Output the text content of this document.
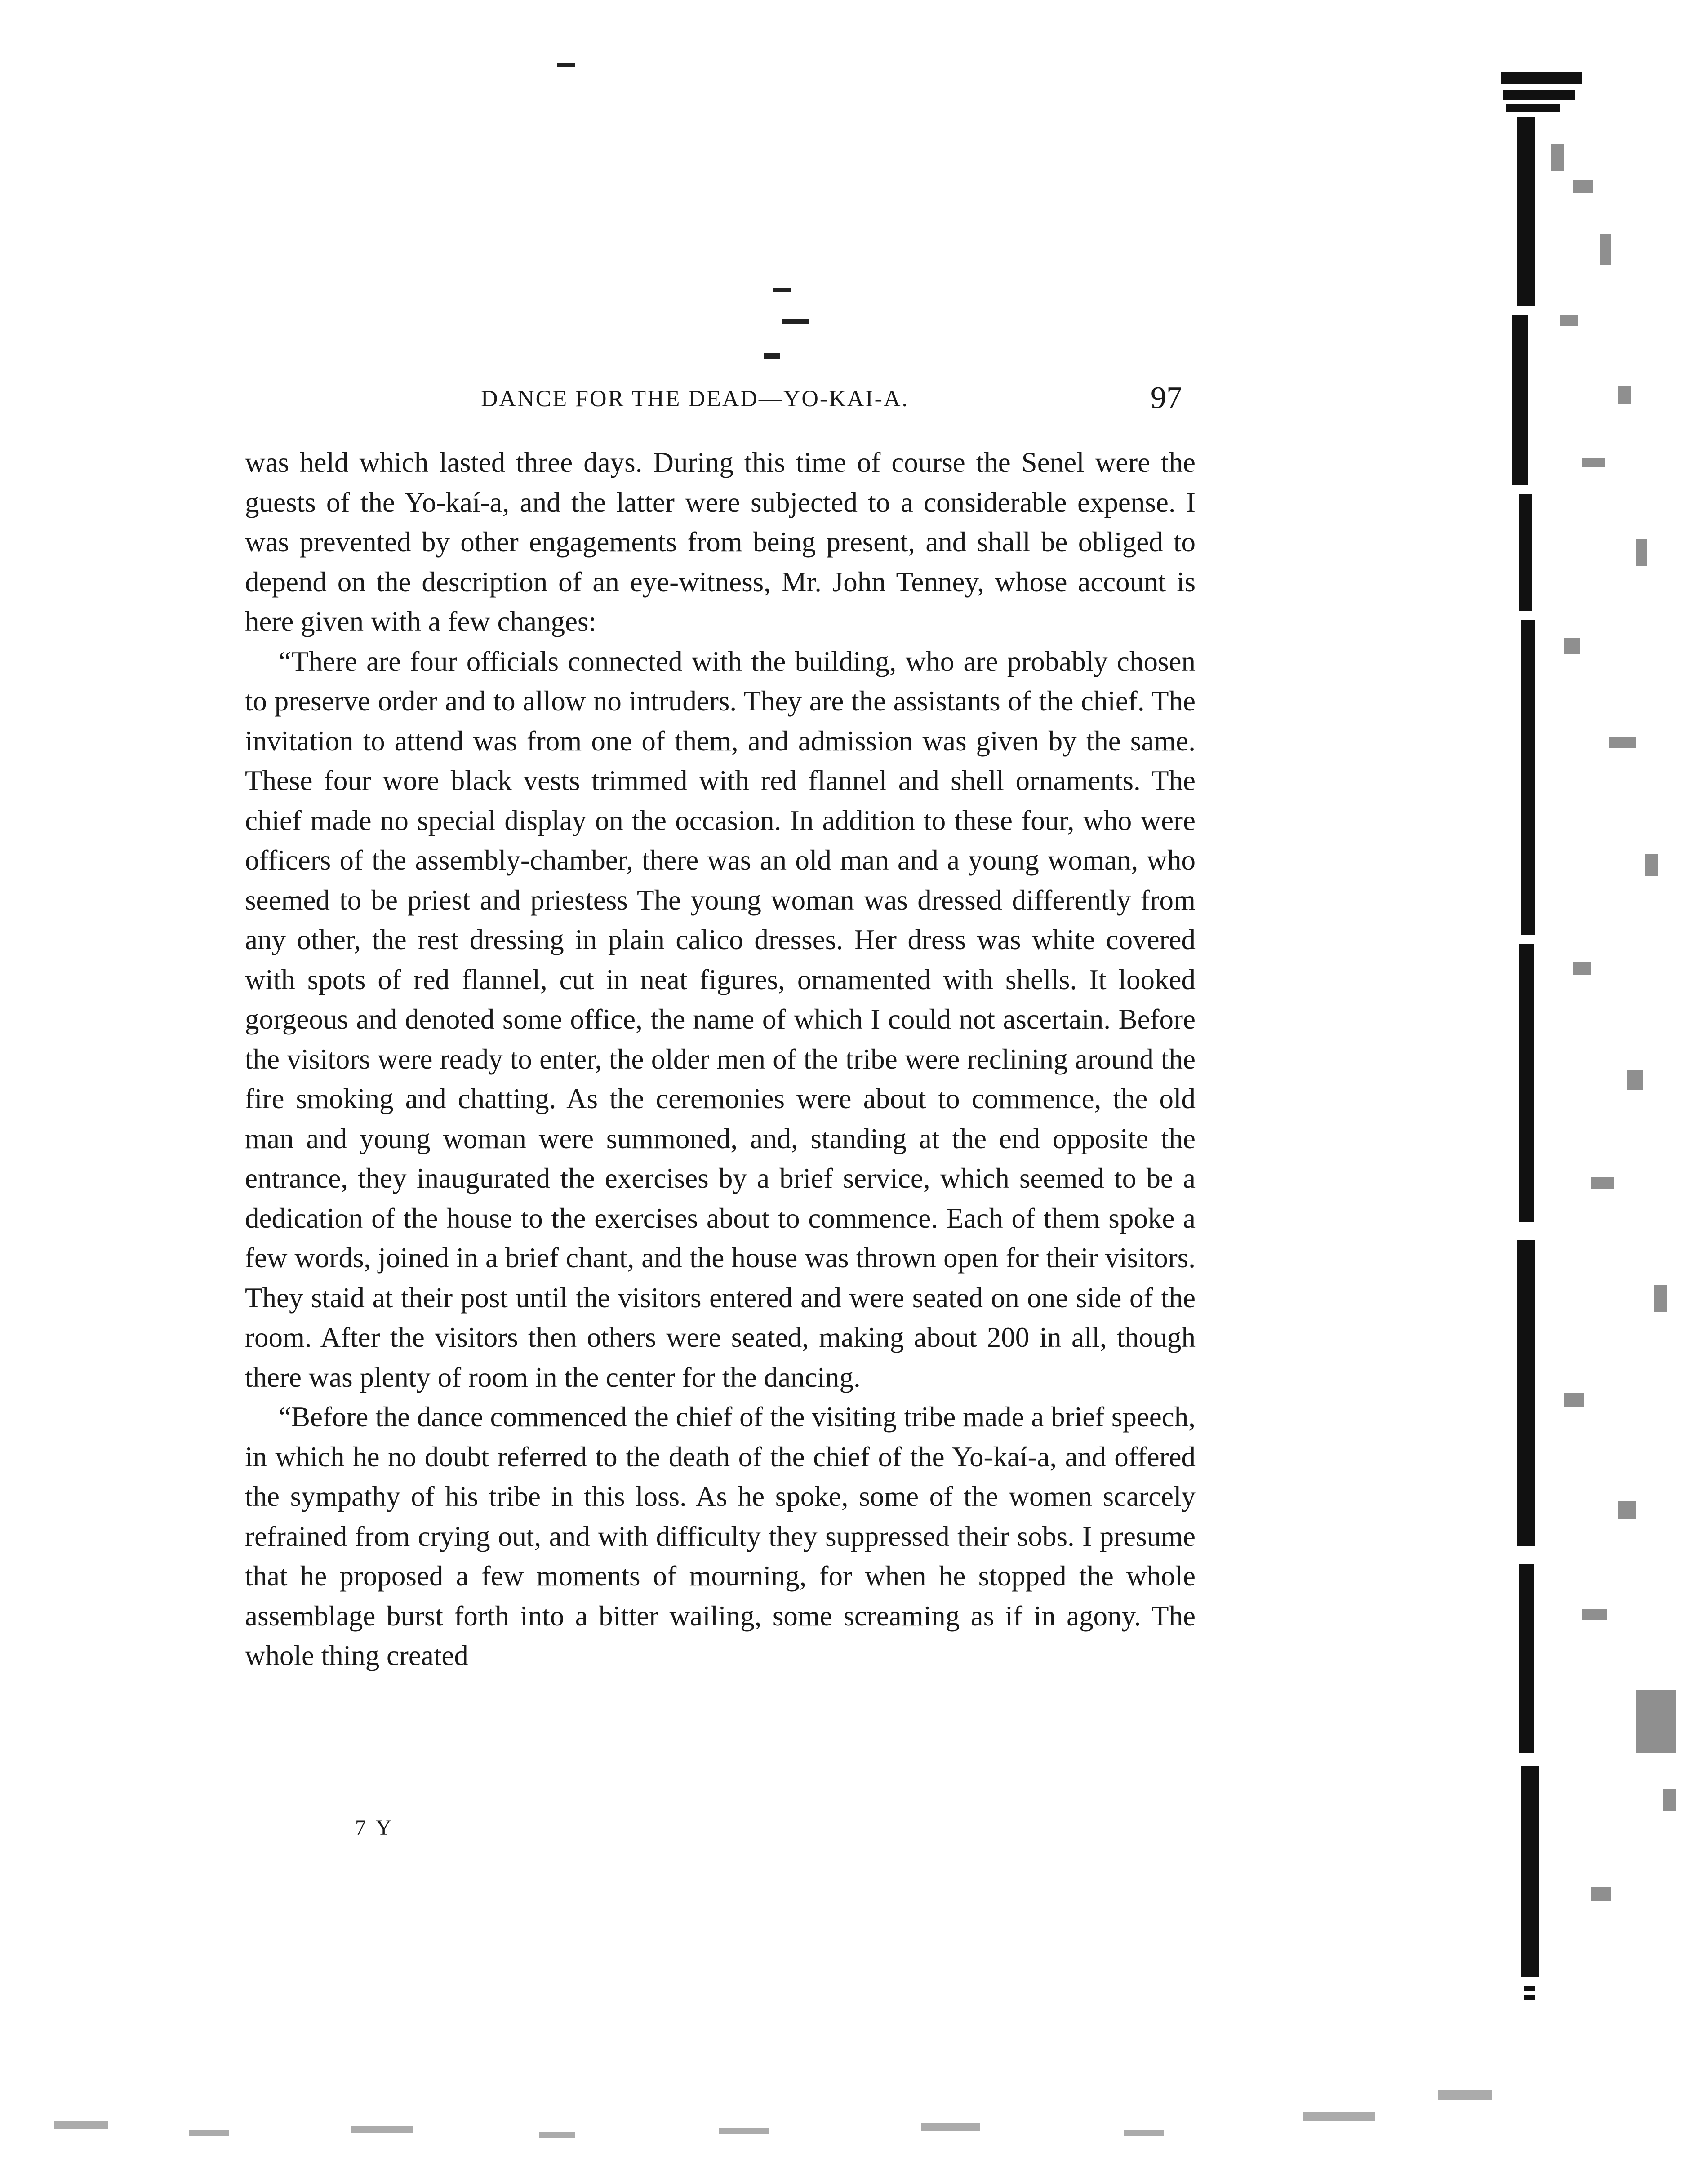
DANCE FOR THE DEAD—YO-KAI-A.	97

was held which lasted three days. During this time of course the Senel were the guests of the Yo-kaí-a, and the latter were subjected to a considerable expense. I was prevented by other engagements from being present, and shall be obliged to depend on the description of an eye-witness, Mr. John Tenney, whose account is here given with a few changes:

“There are four officials connected with the building, who are probably chosen to preserve order and to allow no intruders. They are the assistants of the chief. The invitation to attend was from one of them, and admission was given by the same. These four wore black vests trimmed with red flannel and shell ornaments. The chief made no special display on the occasion. In addition to these four, who were officers of the assembly-chamber, there was an old man and a young woman, who seemed to be priest and priestess The young woman was dressed differently from any other, the rest dressing in plain calico dresses. Her dress was white covered with spots of red flannel, cut in neat figures, ornamented with shells. It looked gorgeous and denoted some office, the name of which I could not ascertain. Before the visitors were ready to enter, the older men of the tribe were reclining around the fire smoking and chatting. As the ceremonies were about to commence, the old man and young woman were summoned, and, standing at the end opposite the entrance, they inaugurated the exercises by a brief service, which seemed to be a dedication of the house to the exercises about to commence. Each of them spoke a few words, joined in a brief chant, and the house was thrown open for their visitors. They staid at their post until the visitors entered and were seated on one side of the room. After the visitors then others were seated, making about 200 in all, though there was plenty of room in the center for the dancing.

“Before the dance commenced the chief of the visiting tribe made a brief speech, in which he no doubt referred to the death of the chief of the Yo-kaí-a, and offered the sympathy of his tribe in this loss. As he spoke, some of the women scarcely refrained from crying out, and with difficulty they suppressed their sobs. I presume that he proposed a few moments of mourning, for when he stopped the whole assemblage burst forth into a bitter wailing, some screaming as if in agony. The whole thing created

7 Y
